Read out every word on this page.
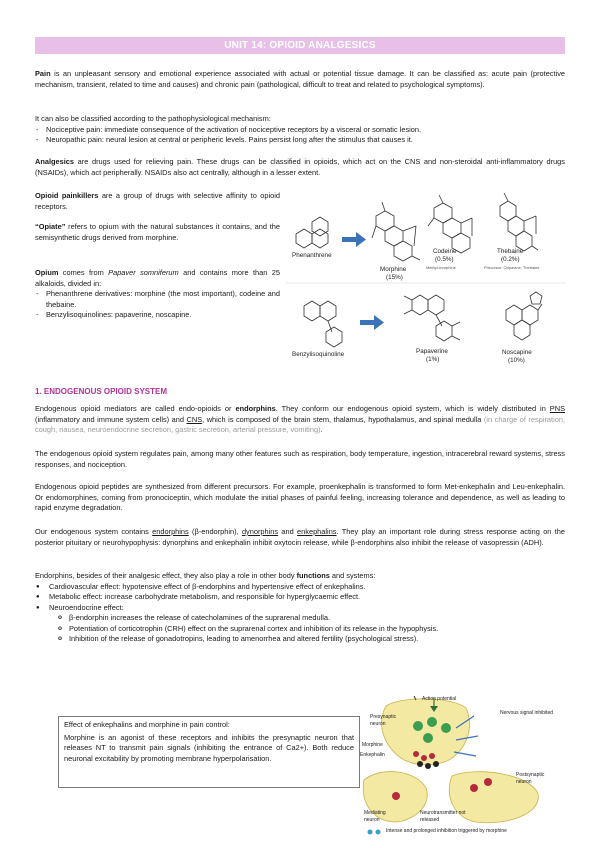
UNIT 14: OPIOID ANALGESICS

Pain is an unpleasant sensory and emotional experience associated with actual or potential tissue damage. It can be classified as: acute pain (protective mechanism, transient, related to time and causes) and chronic pain (pathological, difficult to treat and related to psychological symptoms).

It can also be classified according to the pathophysiological mechanism:

- Nociceptive pain: immediate consequence of the activation of nociceptive receptors by a visceral or somatic lesion.
- Neuropathic pain: neural lesion at central or peripheric levels. Pains persist long after the stimulus that causes it.

Analgesics are drugs used for relieving pain. These drugs can be classified in opioids, which act on the CNS and non-steroidal anti-inflammatory drugs (NSAIDs), which act peripherally. NSAIDs also act centrally, although in a lesser extent.

Opioid painkillers are a group of drugs with selective affinity to opioid receptors.

“Opiate” refers to opium with the natural substances it contains, and the semisynthetic drugs derived from morphine.

Opium comes from Papaver somniferum and contains more than 25 alkaloids, divided in:

- Phenanthrene derivatives: morphine (the most important), codeine and thebaine.
- Benzylisoquinolines: papaverine, noscapine.
Phenanthrene
Morphine
(15%)
Codeine
(0.5%)
Methyl-morphine
Thebaine
(0.2%)
Precursor: Oripavine, Thebaine
Benzylisoquinoline	Papaverine
(1%)
Noscapine
(10%)
1. ENDOGENOUS OPIOID SYSTEM

Endogenous opioid mediators are called endo-opioids or endorphins. They conform our endogenous opioid system, which is widely distributed in PNS (inflammatory and immune system cells) and CNS, which is composed of the brain stem, thalamus, hypothalamus, and spinal medulla (in charge of respiration, cough, nausea, neuroendocrine secretion, gastric secretion, arterial pressure, vomiting).

The endogenous opioid system regulates pain, among many other features such as respiration, body temperature, ingestion, intracerebral reward systems, stress responses, and nociception.

Endogenous opioid peptides are synthesized from different precursors. For example, proenkephalin is transformed to form Met-enkephalin and Leu-enkephalin. Or endomorphines, coming from pronociceptin, which modulate the initial phases of painful feeling, increasing tolerance and dependence, as well as leading to rapid enzyme degradation.

Our endogenous system contains endorphins (β-endorphin), dynorphins and enkephalins. They play an important role during stress response acting on the posterior pituitary or neurohypophysis: dynorphins and enkephalin inhibit oxytocin release, while β-endorphins also inhibit the release of vasopressin (ADH).

Endorphins, besides of their analgesic effect, they also play a role in other body functions and systems:

● Cardiovascular effect: hypotensive effect of β-endorphins and hypertensive effect of enkephalins.
● Metabolic effect: increase carbohydrate metabolism, and responsible for hyperglycaemic effect.
● Neuroendocrine effect:
o β-endorphin increases the release of catecholamines of the suprarenal medulla.
o Potentiation of corticotrophin (CRH) effect on the suprarenal cortex and inhibition of its release in the hypophysis.
o Inhibition of the release of gonadotropins, leading to amenorrhea and altered fertility (psychological stress).

Effect of enkephalins and morphine in pain control:

Morphine is an agonist of these receptors and inhibits the presynaptic neuron that releases NT to transmit pain signals (inhibiting the entrance of Ca2+). Both reduce neuronal excitability by promoting membrane hyperpolarisation.

Action potential
Presynaptic neuron
Nervous signal inhibited
Morphine
Enkephalin
Postsynaptic neuron
Mediating neuron
Neurotransmitter not released
Intense and prolonged inhibition triggered by morphine
